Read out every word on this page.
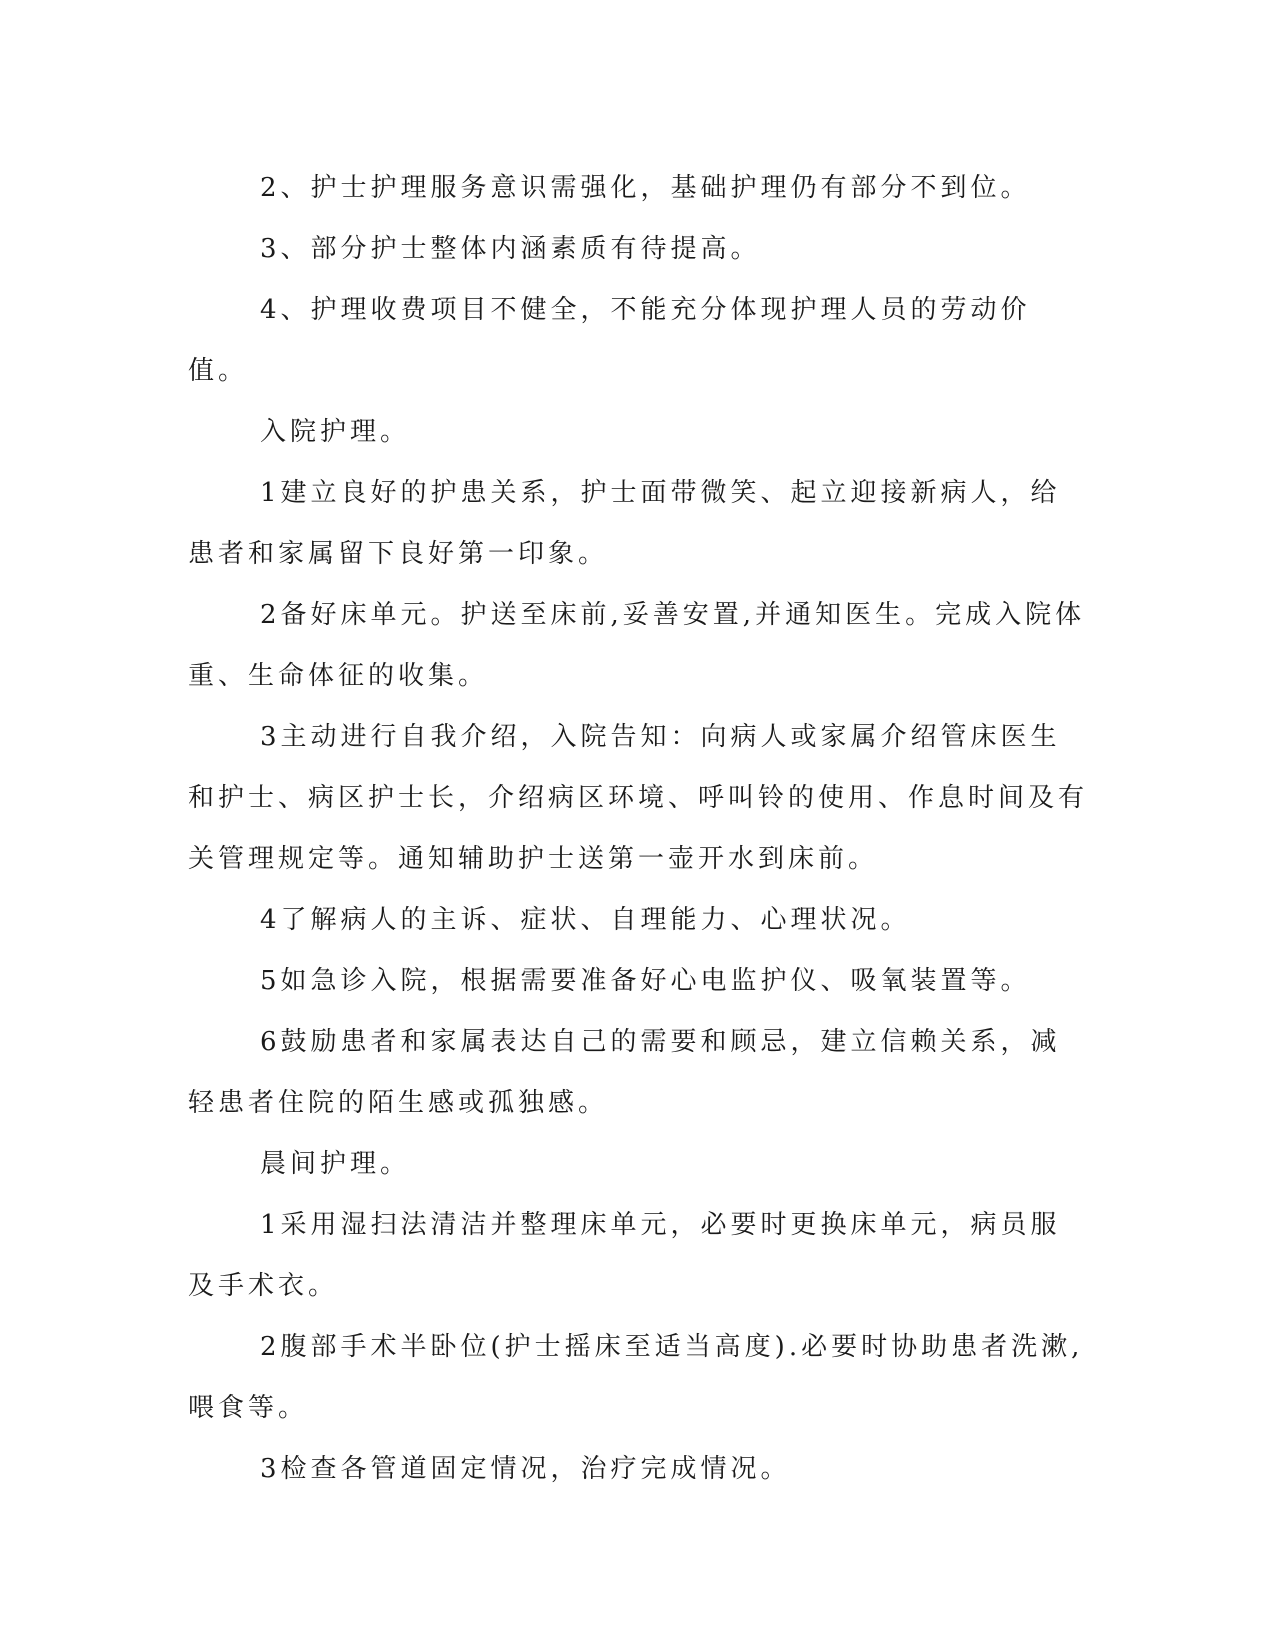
2、护士护理服务意识需强化，基础护理仍有部分不到位。

3、部分护士整体内涵素质有待提高。

4、护理收费项目不健全，不能充分体现护理人员的劳动价值。

入院护理。

1建立良好的护患关系，护士面带微笑、起立迎接新病人，给患者和家属留下良好第一印象。

2备好床单元。护送至床前,妥善安置,并通知医生。完成入院体重、生命体征的收集。

3主动进行自我介绍，入院告知：向病人或家属介绍管床医生和护士、病区护士长，介绍病区环境、呼叫铃的使用、作息时间及有关管理规定等。通知辅助护士送第一壶开水到床前。

4了解病人的主诉、症状、自理能力、心理状况。

5如急诊入院，根据需要准备好心电监护仪、吸氧装置等。

6鼓励患者和家属表达自己的需要和顾忌，建立信赖关系，减轻患者住院的陌生感或孤独感。

晨间护理。

1采用湿扫法清洁并整理床单元，必要时更换床单元，病员服及手术衣。

2腹部手术半卧位(护士摇床至适当高度).必要时协助患者洗漱,喂食等。

3检查各管道固定情况，治疗完成情况。
